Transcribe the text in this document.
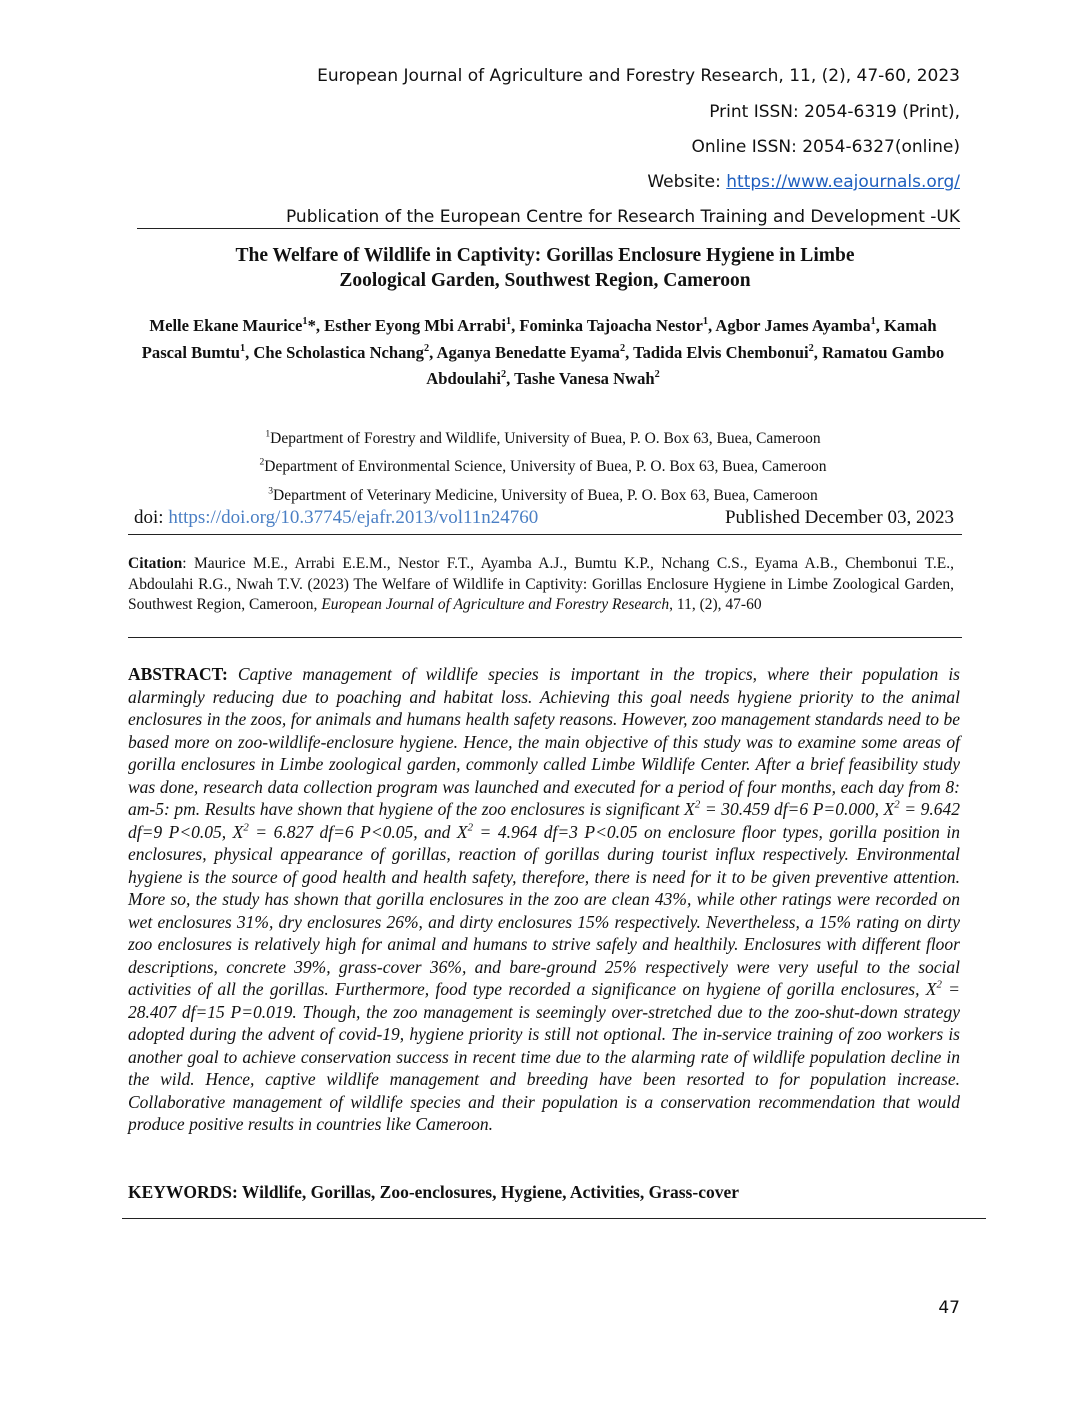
European Journal of Agriculture and Forestry Research, 11, (2), 47-60, 2023
Print ISSN: 2054-6319 (Print),
Online ISSN: 2054-6327(online)
Website: https://www.eajournals.org/
Publication of the European Centre for Research Training and Development -UK
The Welfare of Wildlife in Captivity: Gorillas Enclosure Hygiene in Limbe
Zoological Garden, Southwest Region, Cameroon
Melle Ekane Maurice$^1$*, Esther Eyong Mbi Arrabi$^1$, Fominka Tajoacha Nestor$^1$, Agbor James Ayamba$^1$, Kamah Pascal Bumtu$^1$, Che Scholastica Nchang$^2$, Aganya Benedatte Eyama$^2$, Tadida Elvis Chembonui$^2$, Ramatou Gambo Abdoulahi$^2$, Tashe Vanesa Nwah$^2$
$^1$Department of Forestry and Wildlife, University of Buea, P. O. Box 63, Buea, Cameroon
$^2$Department of Environmental Science, University of Buea, P. O. Box 63, Buea, Cameroon
$^3$Department of Veterinary Medicine, University of Buea, P. O. Box 63, Buea, Cameroon
doi: https://doi.org/10.37745/ejafr.2013/vol11n24760	Published December 03, 2023
Citation: Maurice M.E., Arrabi E.E.M., Nestor F.T., Ayamba A.J., Bumtu K.P., Nchang C.S., Eyama A.B., Chembonui T.E., Abdoulahi R.G., Nwah T.V. (2023) The Welfare of Wildlife in Captivity: Gorillas Enclosure Hygiene in Limbe Zoological Garden, Southwest Region, Cameroon, European Journal of Agriculture and Forestry Research, 11, (2), 47-60
ABSTRACT: Captive management of wildlife species is important in the tropics, where their population is alarmingly reducing due to poaching and habitat loss. Achieving this goal needs hygiene priority to the animal enclosures in the zoos, for animals and humans health safety reasons. However, zoo management standards need to be based more on zoo-wildlife-enclosure hygiene. Hence, the main objective of this study was to examine some areas of gorilla enclosures in Limbe zoological garden, commonly called Limbe Wildlife Center. After a brief feasibility study was done, research data collection program was launched and executed for a period of four months, each day from 8: am-5: pm. Results have shown that hygiene of the zoo enclosures is significant $X^2 = 30.459$ df=6 P=0.000, $X^2 = 9.642$ df=9 P<0.05, $X^2 = 6.827$ df=6 P<0.05, and $X^2 = 4.964$ df=3 P<0.05 on enclosure floor types, gorilla position in enclosures, physical appearance of gorillas, reaction of gorillas during tourist influx respectively. Environmental hygiene is the source of good health and health safety, therefore, there is need for it to be given preventive attention. More so, the study has shown that gorilla enclosures in the zoo are clean 43%, while other ratings were recorded on wet enclosures 31%, dry enclosures 26%, and dirty enclosures 15% respectively. Nevertheless, a 15% rating on dirty zoo enclosures is relatively high for animal and humans to strive safely and healthily. Enclosures with different floor descriptions, concrete 39%, grass-cover 36%, and bare-ground 25% respectively were very useful to the social activities of all the gorillas. Furthermore, food type recorded a significance on hygiene of gorilla enclosures, $X^2 = 28.407$ df=15 P=0.019. Though, the zoo management is seemingly over-stretched due to the zoo-shut-down strategy adopted during the advent of covid-19, hygiene priority is still not optional. The in-service training of zoo workers is another goal to achieve conservation success in recent time due to the alarming rate of wildlife population decline in the wild. Hence, captive wildlife management and breeding have been resorted to for population increase. Collaborative management of wildlife species and their population is a conservation recommendation that would produce positive results in countries like Cameroon.
KEYWORDS: Wildlife, Gorillas, Zoo-enclosures, Hygiene, Activities, Grass-cover
47
